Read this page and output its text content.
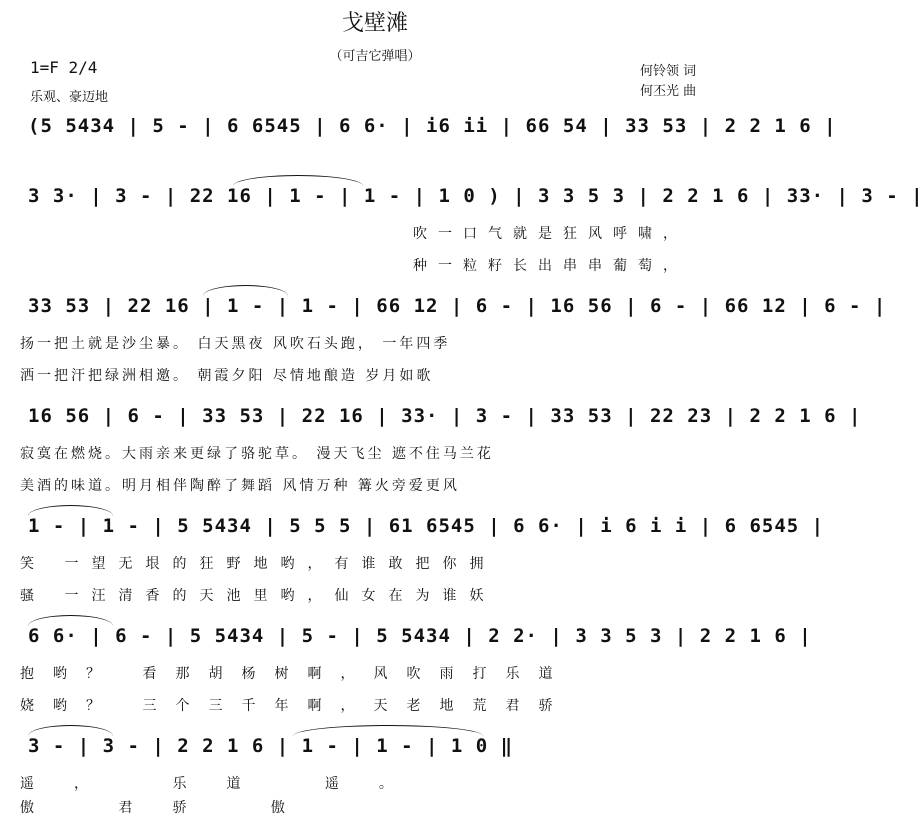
戈壁滩
（可吉它弹唱）
1=F 2/4
乐观、豪迈地
何铃领 词
何丕光 曲
(5 5434 | 5 - | 6 6545 | 6 6· | i6 ii | 66 54 | 33 53 | 2 2 1 6 |
3 3· | 3 - | 22 16 | 1 - | 1 - | 1 0 ) | 3 3 5 3 | 2 2 1 6 | 33· | 3 - |
吹一口气就是狂风呼啸，
种一粒籽长出串串葡萄，
33 53 | 22 16 | 1 - | 1 - | 66 12 | 6 - | 16 56 | 6 - | 66 12 | 6 - |
扬一把土就是沙尘暴。 白天黑夜 风吹石头跑， 一年四季
洒一把汗把绿洲相邀。 朝霞夕阳 尽情地酿造 岁月如歌
16 56 | 6 - | 33 53 | 22 16 | 33· | 3 - | 33 53 | 22 23 | 2 2 1 6 |
寂寞在燃烧。大雨亲来更绿了骆驼草。 漫天飞尘 遮不住马兰花
美酒的味道。明月相伴陶醉了舞蹈 风情万种 篝火旁爱更风
1 - | 1 - | 5 5434 | 5 5 5 | 61 6545 | 6 6· | i 6 i i | 6 6545 |
笑 一望无垠的狂野地哟，有谁敢把你拥
骚 一汪清香的天池里哟，仙女在为谁妖
6 6· | 6 - | 5 5434 | 5 - | 5 5434 | 2 2· | 3 3 5 3 | 2 2 1 6 |
抱哟？ 看那胡杨树啊，风吹雨打乐道
娆哟？ 三个三千年啊，天老地荒君骄
3 - | 3 - | 2 2 1 6 | 1 - | 1 - | 1 0 ‖
遥， 乐道 遥。
傲 君骄 傲
